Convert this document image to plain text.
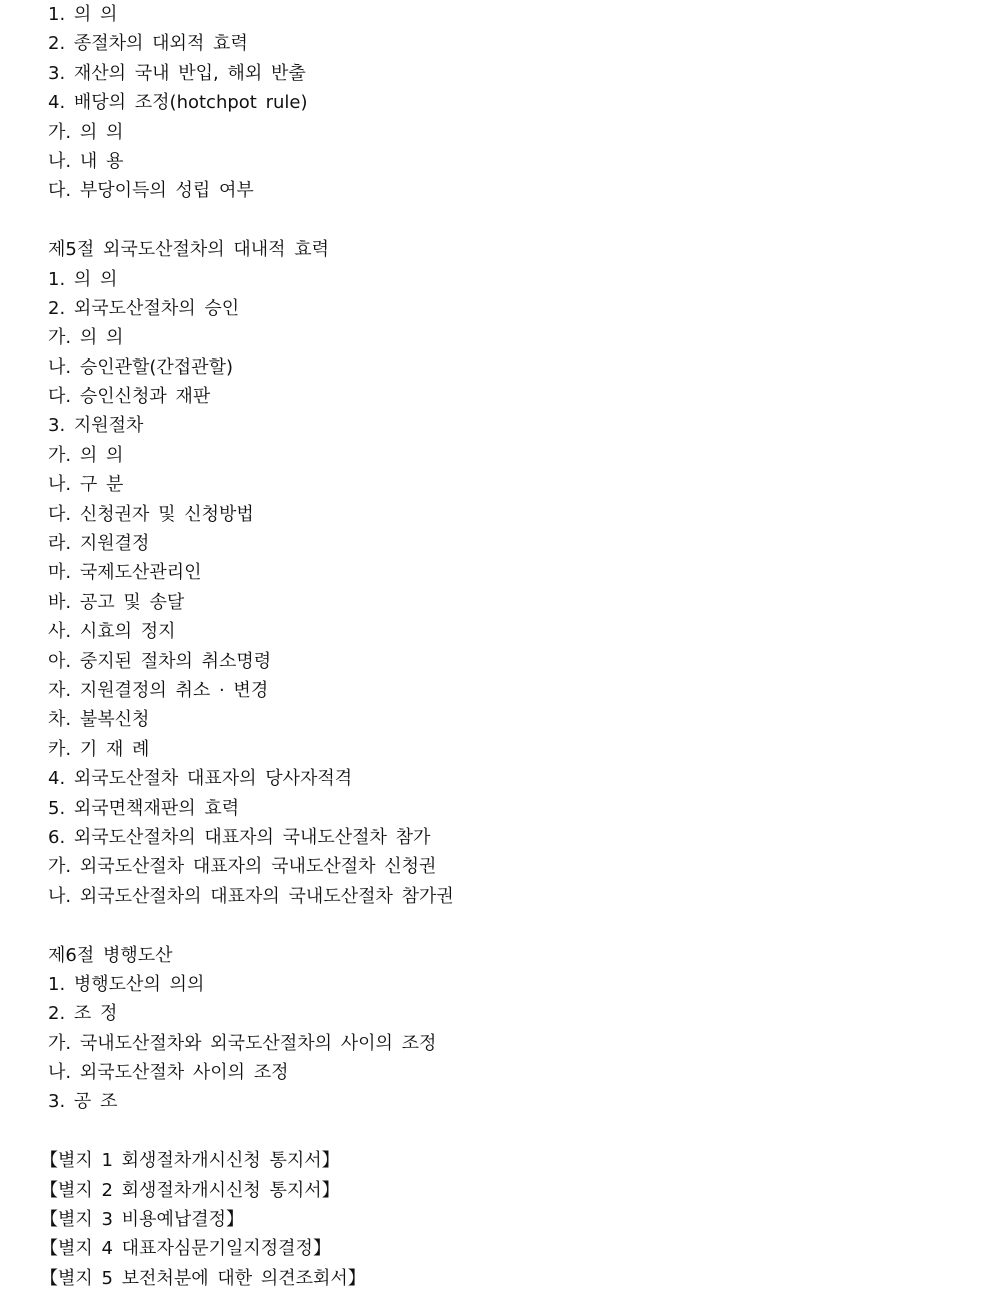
1. 의 의
2. 종절차의 대외적 효력
3. 재산의 국내 반입, 해외 반출
4. 배당의 조정(hotchpot rule)
가. 의 의
나. 내 용
다. 부당이득의 성립 여부
제5절 외국도산절차의 대내적 효력
1. 의 의
2. 외국도산절차의 승인
가. 의 의
나. 승인관할(간접관할)
다. 승인신청과 재판
3. 지원절차
가. 의 의
나. 구 분
다. 신청권자 및 신청방법
라. 지원결정
마. 국제도산관리인
바. 공고 및 송달
사. 시효의 정지
아. 중지된 절차의 취소명령
자. 지원결정의 취소 · 변경
차. 불복신청
카. 기 재 례
4. 외국도산절차 대표자의 당사자적격
5. 외국면책재판의 효력
6. 외국도산절차의 대표자의 국내도산절차 참가
가. 외국도산절차 대표자의 국내도산절차 신청권
나. 외국도산절차의 대표자의 국내도산절차 참가권
제6절 병행도산
1. 병행도산의 의의
2. 조 정
가. 국내도산절차와 외국도산절차의 사이의 조정
나. 외국도산절차 사이의 조정
3. 공 조
【별지 1 회생절차개시신청 통지서】
【별지 2 회생절차개시신청 통지서】
【별지 3 비용예납결정】
【별지 4 대표자심문기일지정결정】
【별지 5 보전처분에 대한 의견조회서】
